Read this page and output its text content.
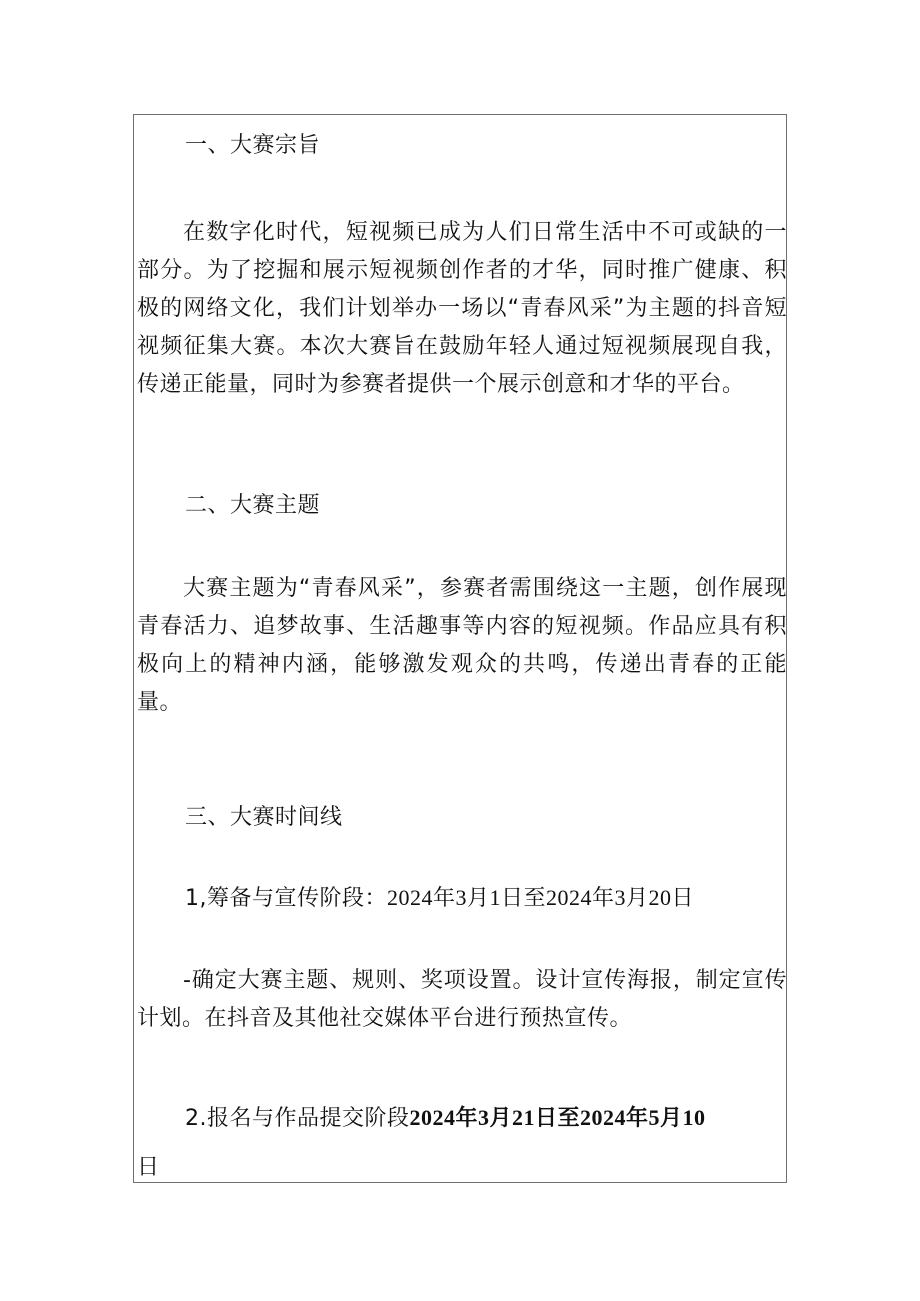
一、大赛宗旨
在数字化时代，短视频已成为人们日常生活中不可或缺的一部分。为了挖掘和展示短视频创作者的才华，同时推广健康、积极的网络文化，我们计划举办一场以“青春风采”为主题的抖音短视频征集大赛。本次大赛旨在鼓励年轻人通过短视频展现自我，传递正能量，同时为参赛者提供一个展示创意和才华的平台。
二、大赛主题
大赛主题为“青春风采”，参赛者需围绕这一主题，创作展现青春活力、追梦故事、生活趣事等内容的短视频。作品应具有积极向上的精神内涵，能够激发观众的共鸣，传递出青春的正能量。
三、大赛时间线
1,筹备与宣传阶段：2024年3月1日至2024年3月20日
-确定大赛主题、规则、奖项设置。设计宣传海报，制定宣传计划。在抖音及其他社交媒体平台进行预热宣传。
2.报名与作品提交阶段2024年3月21日至2024年5月10
日
